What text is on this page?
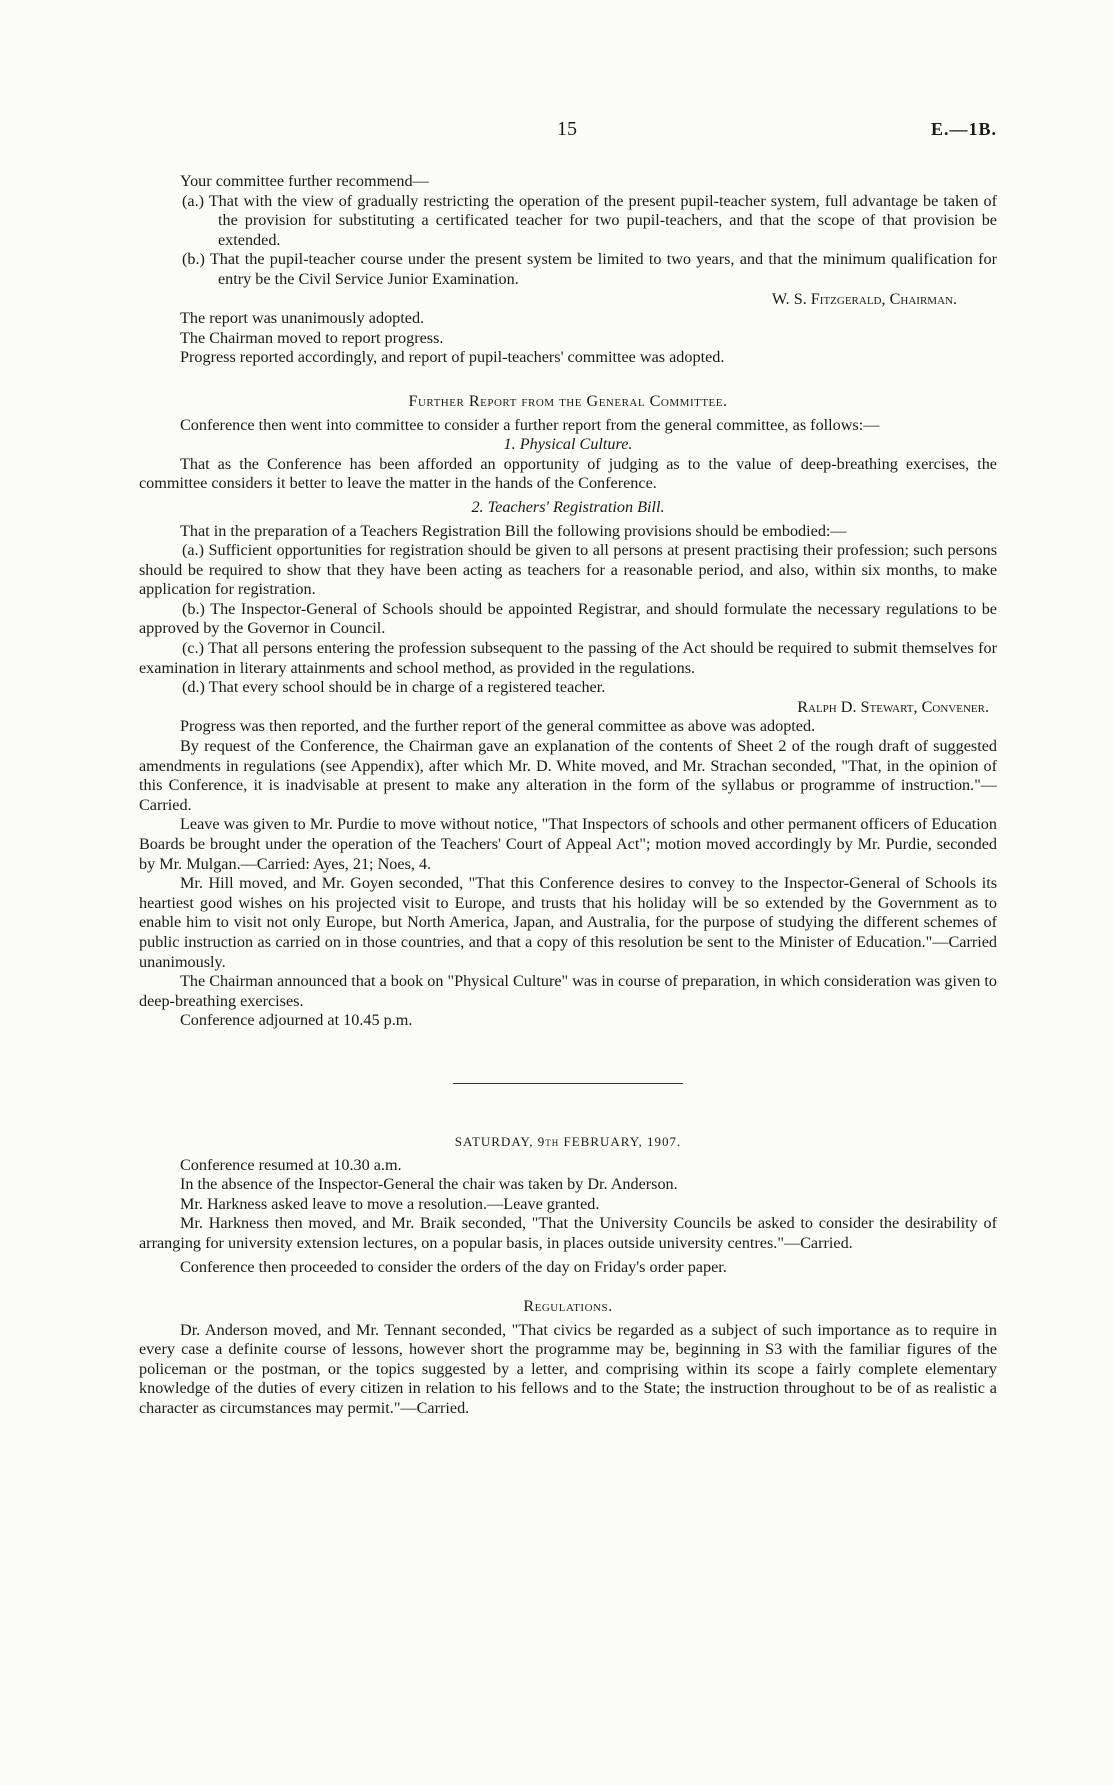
15	E.—1B.

Your committee further recommend—

(a.) That with the view of gradually restricting the operation of the present pupil-teacher system, full advantage be taken of the provision for substituting a certificated teacher for two pupil-teachers, and that the scope of that provision be extended.

(b.) That the pupil-teacher course under the present system be limited to two years, and that the minimum qualification for entry be the Civil Service Junior Examination.

W. S. Fitzgerald, Chairman.

The report was unanimously adopted.

The Chairman moved to report progress.

Progress reported accordingly, and report of pupil-teachers' committee was adopted.

Further Report from the General Committee.

Conference then went into committee to consider a further report from the general committee, as follows:—

1. Physical Culture.

That as the Conference has been afforded an opportunity of judging as to the value of deep-breathing exercises, the committee considers it better to leave the matter in the hands of the Conference.

2. Teachers' Registration Bill.

That in the preparation of a Teachers Registration Bill the following provisions should be embodied:—

(a.) Sufficient opportunities for registration should be given to all persons at present practising their profession; such persons should be required to show that they have been acting as teachers for a reasonable period, and also, within six months, to make application for registration.

(b.) The Inspector-General of Schools should be appointed Registrar, and should formulate the necessary regulations to be approved by the Governor in Council.

(c.) That all persons entering the profession subsequent to the passing of the Act should be required to submit themselves for examination in literary attainments and school method, as provided in the regulations.

(d.) That every school should be in charge of a registered teacher.

Ralph D. Stewart, Convener.

Progress was then reported, and the further report of the general committee as above was adopted.

By request of the Conference, the Chairman gave an explanation of the contents of Sheet 2 of the rough draft of suggested amendments in regulations (see Appendix), after which Mr. D. White moved, and Mr. Strachan seconded, "That, in the opinion of this Conference, it is inadvisable at present to make any alteration in the form of the syllabus or programme of instruction."—Carried.

Leave was given to Mr. Purdie to move without notice, "That Inspectors of schools and other permanent officers of Education Boards be brought under the operation of the Teachers' Court of Appeal Act"; motion moved accordingly by Mr. Purdie, seconded by Mr. Mulgan.—Carried: Ayes, 21; Noes, 4.

Mr. Hill moved, and Mr. Goyen seconded, "That this Conference desires to convey to the Inspector-General of Schools its heartiest good wishes on his projected visit to Europe, and trusts that his holiday will be so extended by the Government as to enable him to visit not only Europe, but North America, Japan, and Australia, for the purpose of studying the different schemes of public instruction as carried on in those countries, and that a copy of this resolution be sent to the Minister of Education."—Carried unanimously.

The Chairman announced that a book on "Physical Culture" was in course of preparation, in which consideration was given to deep-breathing exercises.

Conference adjourned at 10.45 p.m.

SATURDAY, 9th FEBRUARY, 1907.

Conference resumed at 10.30 a.m.

In the absence of the Inspector-General the chair was taken by Dr. Anderson.

Mr. Harkness asked leave to move a resolution.—Leave granted.

Mr. Harkness then moved, and Mr. Braik seconded, "That the University Councils be asked to consider the desirability of arranging for university extension lectures, on a popular basis, in places outside university centres."—Carried.

Conference then proceeded to consider the orders of the day on Friday's order paper.

Regulations.

Dr. Anderson moved, and Mr. Tennant seconded, "That civics be regarded as a subject of such importance as to require in every case a definite course of lessons, however short the programme may be, beginning in S3 with the familiar figures of the policeman or the postman, or the topics suggested by a letter, and comprising within its scope a fairly complete elementary knowledge of the duties of every citizen in relation to his fellows and to the State; the instruction throughout to be of as realistic a character as circumstances may permit."—Carried.
